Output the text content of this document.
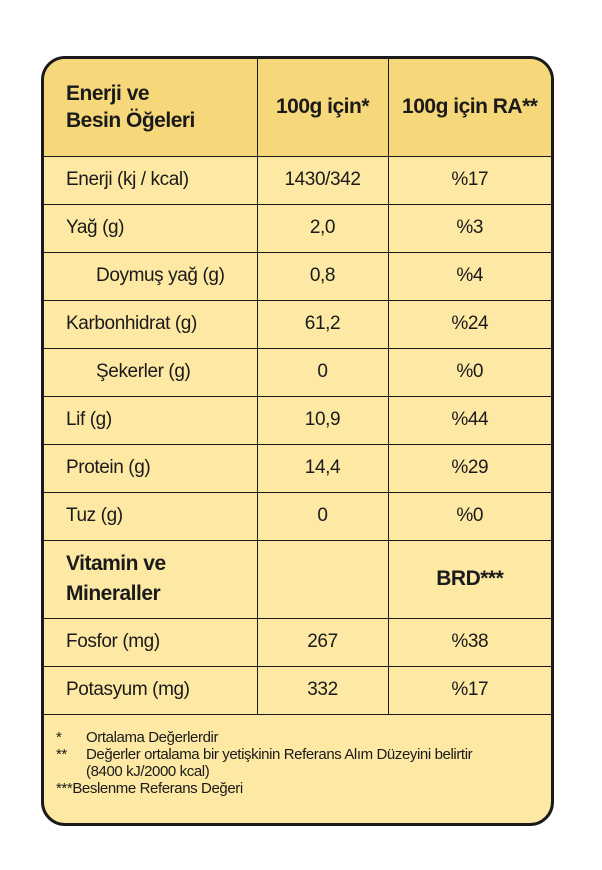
Enerji ve
Besin Öğeleri	100g için*	100g için RA**
Enerji (kj / kcal)	1430/342	%17
Yağ (g)	2,0	%3
Doymuş yağ (g)	0,8	%4
Karbonhidrat (g)	61,2	%24
Şekerler (g)	0	%0
Lif (g)	10,9	%44
Protein (g)	14,4	%29
Tuz (g)	0	%0
Vitamin ve
Mineraller		BRD***
Fosfor (mg)	267	%38
Potasyum (mg)	332	%17
*	Ortalama Değerlerdir
**	Değerler ortalama bir yetişkinin Referans Alım Düzeyini belirtir
(8400 kJ/2000 kcal)
*** Beslenme Referans Değeri
